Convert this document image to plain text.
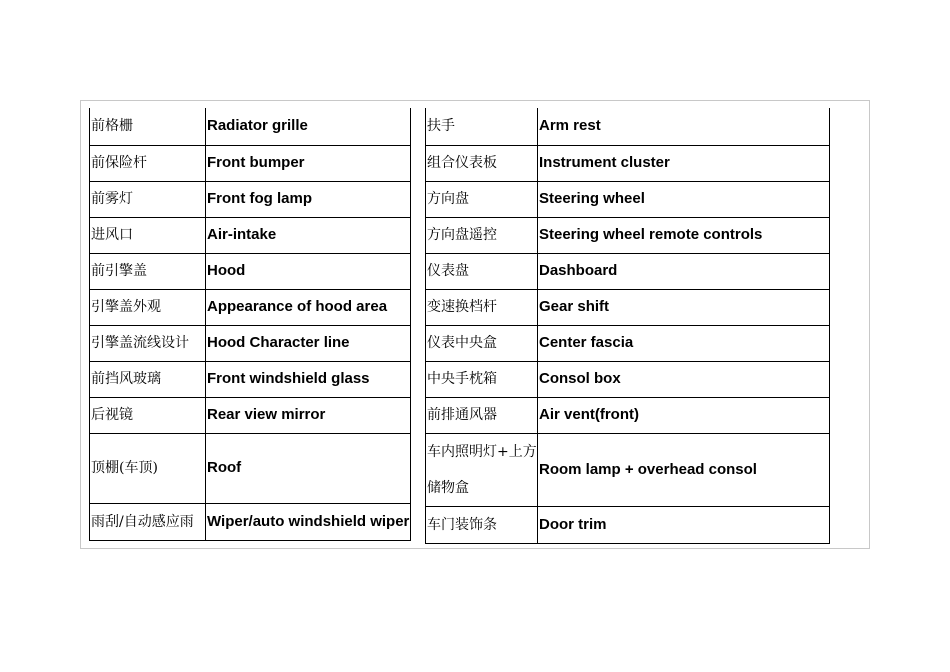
前格栅	Radiator grille
前保险杆	Front bumper
前雾灯	Front fog lamp
进风口	Air-intake
前引擎盖	Hood
引擎盖外观	Appearance of hood area
引擎盖流线设计	Hood Character line
前挡风玻璃	Front windshield glass
后视镜	Rear view mirror
顶棚(车顶)	Roof
雨刮/自动感应雨	Wiper/auto windshield wiper
扶手	Arm rest
组合仪表板	Instrument cluster
方向盘	Steering wheel
方向盘遥控	Steering wheel remote controls
仪表盘	Dashboard
变速换档杆	Gear shift
仪表中央盒	Center fascia
中央手枕箱	Consol box
前排通风器	Air vent(front)
车内照明灯+上方储物盒	Room lamp + overhead consol
车门装饰条	Door trim
